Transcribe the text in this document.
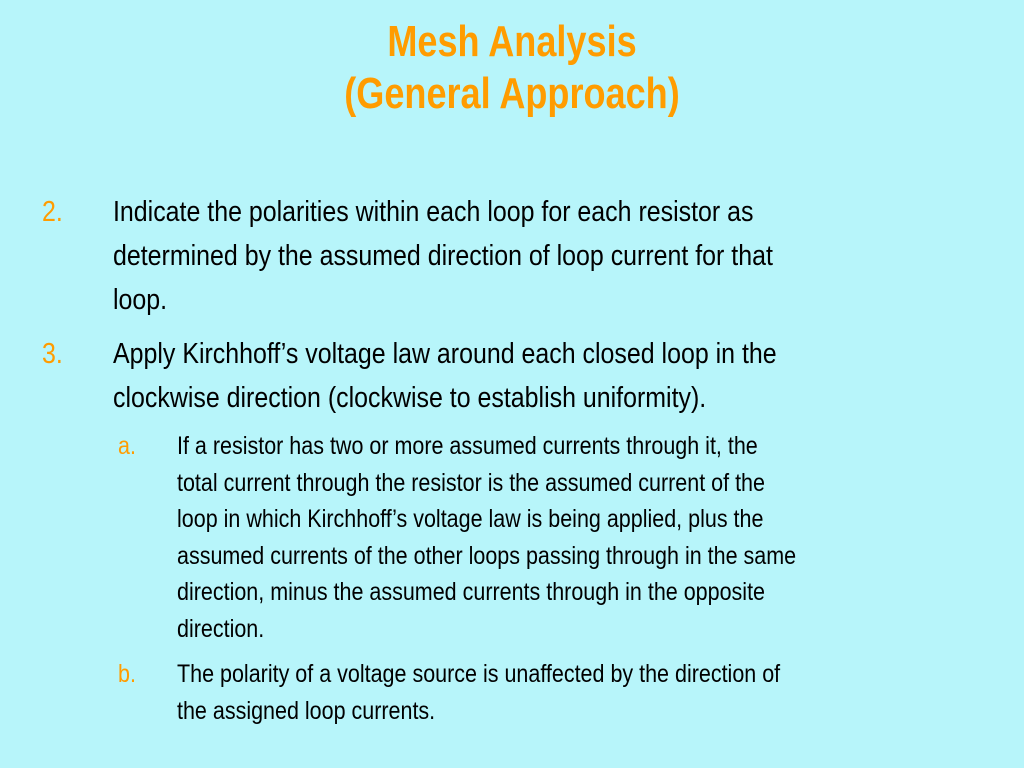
Mesh Analysis
(General Approach)
2. Indicate the polarities within each loop for each resistor as
determined by the assumed direction of loop current for that
loop.
3. Apply Kirchhoff’s voltage law around each closed loop in the
clockwise direction (clockwise to establish uniformity).
a. If a resistor has two or more assumed currents through it, the
total current through the resistor is the assumed current of the
loop in which Kirchhoff’s voltage law is being applied, plus the
assumed currents of the other loops passing through in the same
direction, minus the assumed currents through in the opposite
direction.
b. The polarity of a voltage source is unaffected by the direction of
the assigned loop currents.
